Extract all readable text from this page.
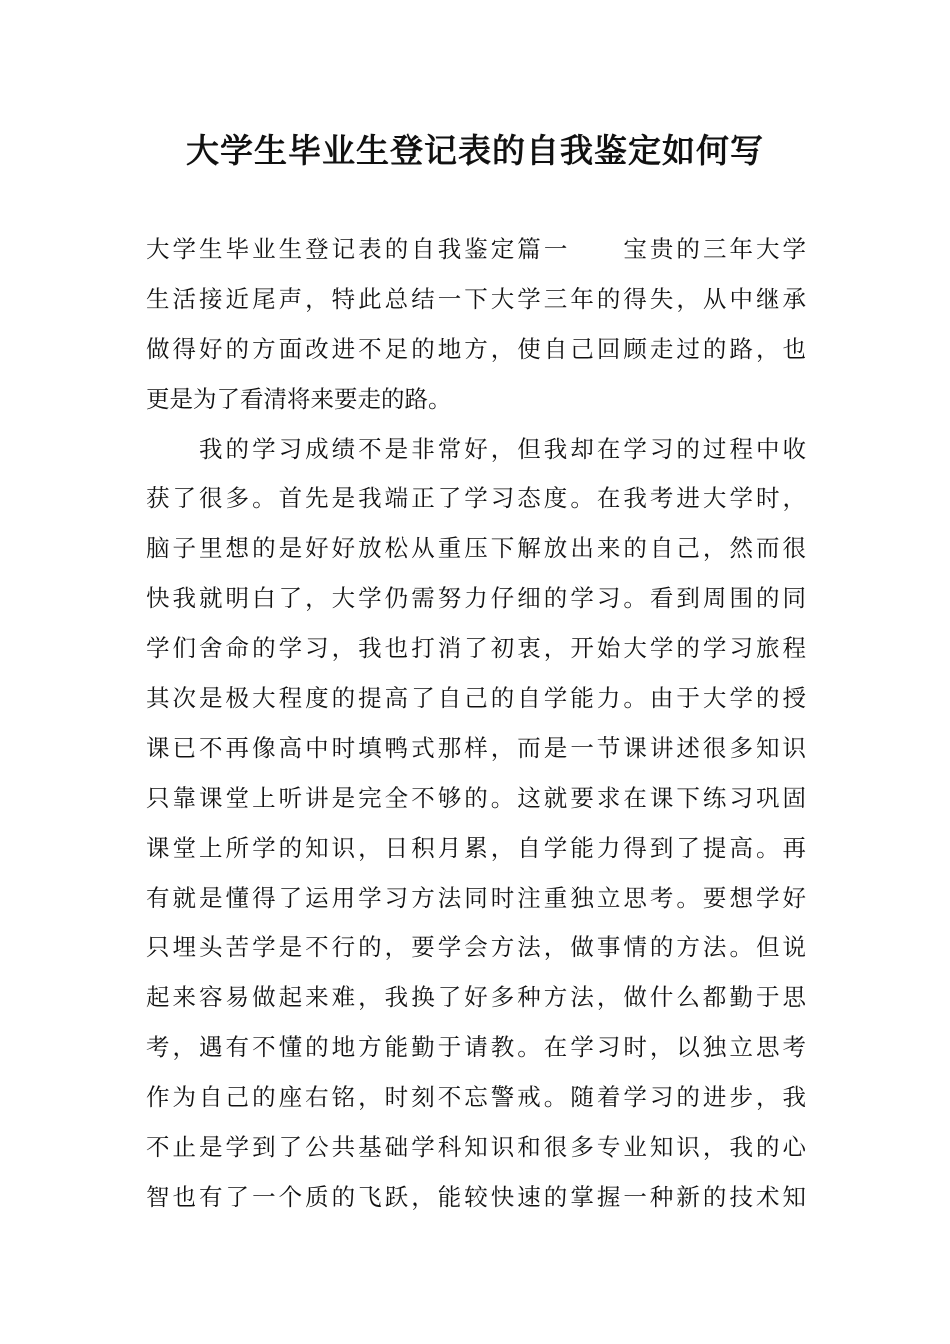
大学生毕业生登记表的自我鉴定如何写
大学生毕业生登记表的自我鉴定篇一 宝贵的三年大学
生活接近尾声，特此总结一下大学三年的得失，从中继承
做得好的方面改进不足的地方，使自己回顾走过的路，也
更是为了看清将来要走的路。
我的学习成绩不是非常好，但我却在学习的过程中收
获了很多。首先是我端正了学习态度。在我考进大学时，
脑子里想的是好好放松从重压下解放出来的自己，然而很
快我就明白了，大学仍需努力仔细的学习。看到周围的同
学们舍命的学习，我也打消了初衷，开始大学的学习旅程
其次是极大程度的提高了自己的自学能力。由于大学的授
课已不再像高中时填鸭式那样，而是一节课讲述很多知识
只靠课堂上听讲是完全不够的。这就要求在课下练习巩固
课堂上所学的知识，日积月累，自学能力得到了提高。再
有就是懂得了运用学习方法同时注重独立思考。要想学好
只埋头苦学是不行的，要学会方法，做事情的方法。但说
起来容易做起来难，我换了好多种方法，做什么都勤于思
考，遇有不懂的地方能勤于请教。在学习时，以独立思考
作为自己的座右铭，时刻不忘警戒。随着学习的进步，我
不止是学到了公共基础学科知识和很多专业知识，我的心
智也有了一个质的飞跃，能较快速的掌握一种新的技术知
